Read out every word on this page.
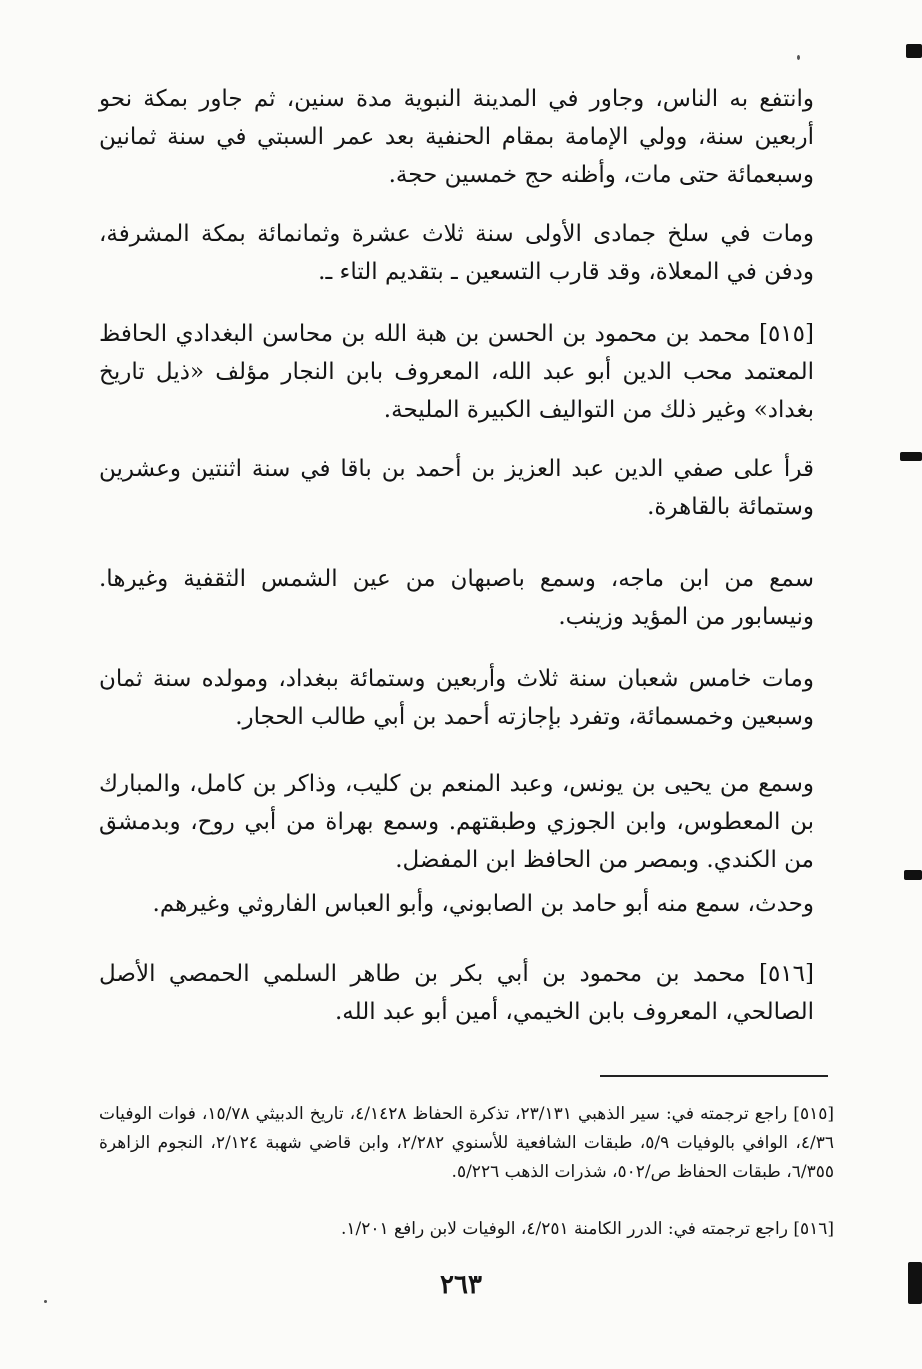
وانتفع به الناس، وجاور في المدينة النبوية مدة سنين، ثم جاور بمكة نحو أربعين سنة، وولي الإمامة بمقام الحنفية بعد عمر السبتي في سنة ثمانين وسبعمائة حتى مات، وأظنه حج خمسين حجة.

ومات في سلخ جمادى الأولى سنة ثلاث عشرة وثمانمائة بمكة المشرفة، ودفن في المعلاة، وقد قارب التسعين ـ بتقديم التاء ـ.

[٥١٥] محمد بن محمود بن الحسن بن هبة الله بن محاسن البغدادي الحافظ المعتمد محب الدين أبو عبد الله، المعروف بابن النجار مؤلف «ذيل تاريخ بغداد» وغير ذلك من التواليف الكبيرة المليحة.

قرأ على صفي الدين عبد العزيز بن أحمد بن باقا في سنة اثنتين وعشرين وستمائة بالقاهرة.

سمع من ابن ماجه، وسمع باصبهان من عين الشمس الثقفية وغيرها. ونيسابور من المؤيد وزينب.

ومات خامس شعبان سنة ثلاث وأربعين وستمائة ببغداد، ومولده سنة ثمان وسبعين وخمسمائة، وتفرد بإجازته أحمد بن أبي طالب الحجار.

وسمع من يحيى بن يونس، وعبد المنعم بن كليب، وذاكر بن كامل، والمبارك بن المعطوس، وابن الجوزي وطبقتهم. وسمع بهراة من أبي روح، وبدمشق من الكندي. وبمصر من الحافظ ابن المفضل.

وحدث، سمع منه أبو حامد بن الصابوني، وأبو العباس الفاروثي وغيرهم.

[٥١٦] محمد بن محمود بن أبي بكر بن طاهر السلمي الحمصي الأصل الصالحي، المعروف بابن الخيمي، أمين أبو عبد الله.

[٥١٥] راجع ترجمته في: سير الذهبي ٢٣/١٣١، تذكرة الحفاظ ٤/١٤٢٨، تاريخ الدبيثي ١٥/٧٨، فوات الوفيات ٤/٣٦، الوافي بالوفيات ٥/٩، طبقات الشافعية للأسنوي ٢/٢٨٢، وابن قاضي شهبة ٢/١٢٤، النجوم الزاهرة ٦/٣٥٥، طبقات الحفاظ ص/٥٠٢، شذرات الذهب ٥/٢٢٦.

[٥١٦] راجع ترجمته في: الدرر الكامنة ٤/٢٥١، الوفيات لابن رافع ١/٢٠١.

٢٦٣
